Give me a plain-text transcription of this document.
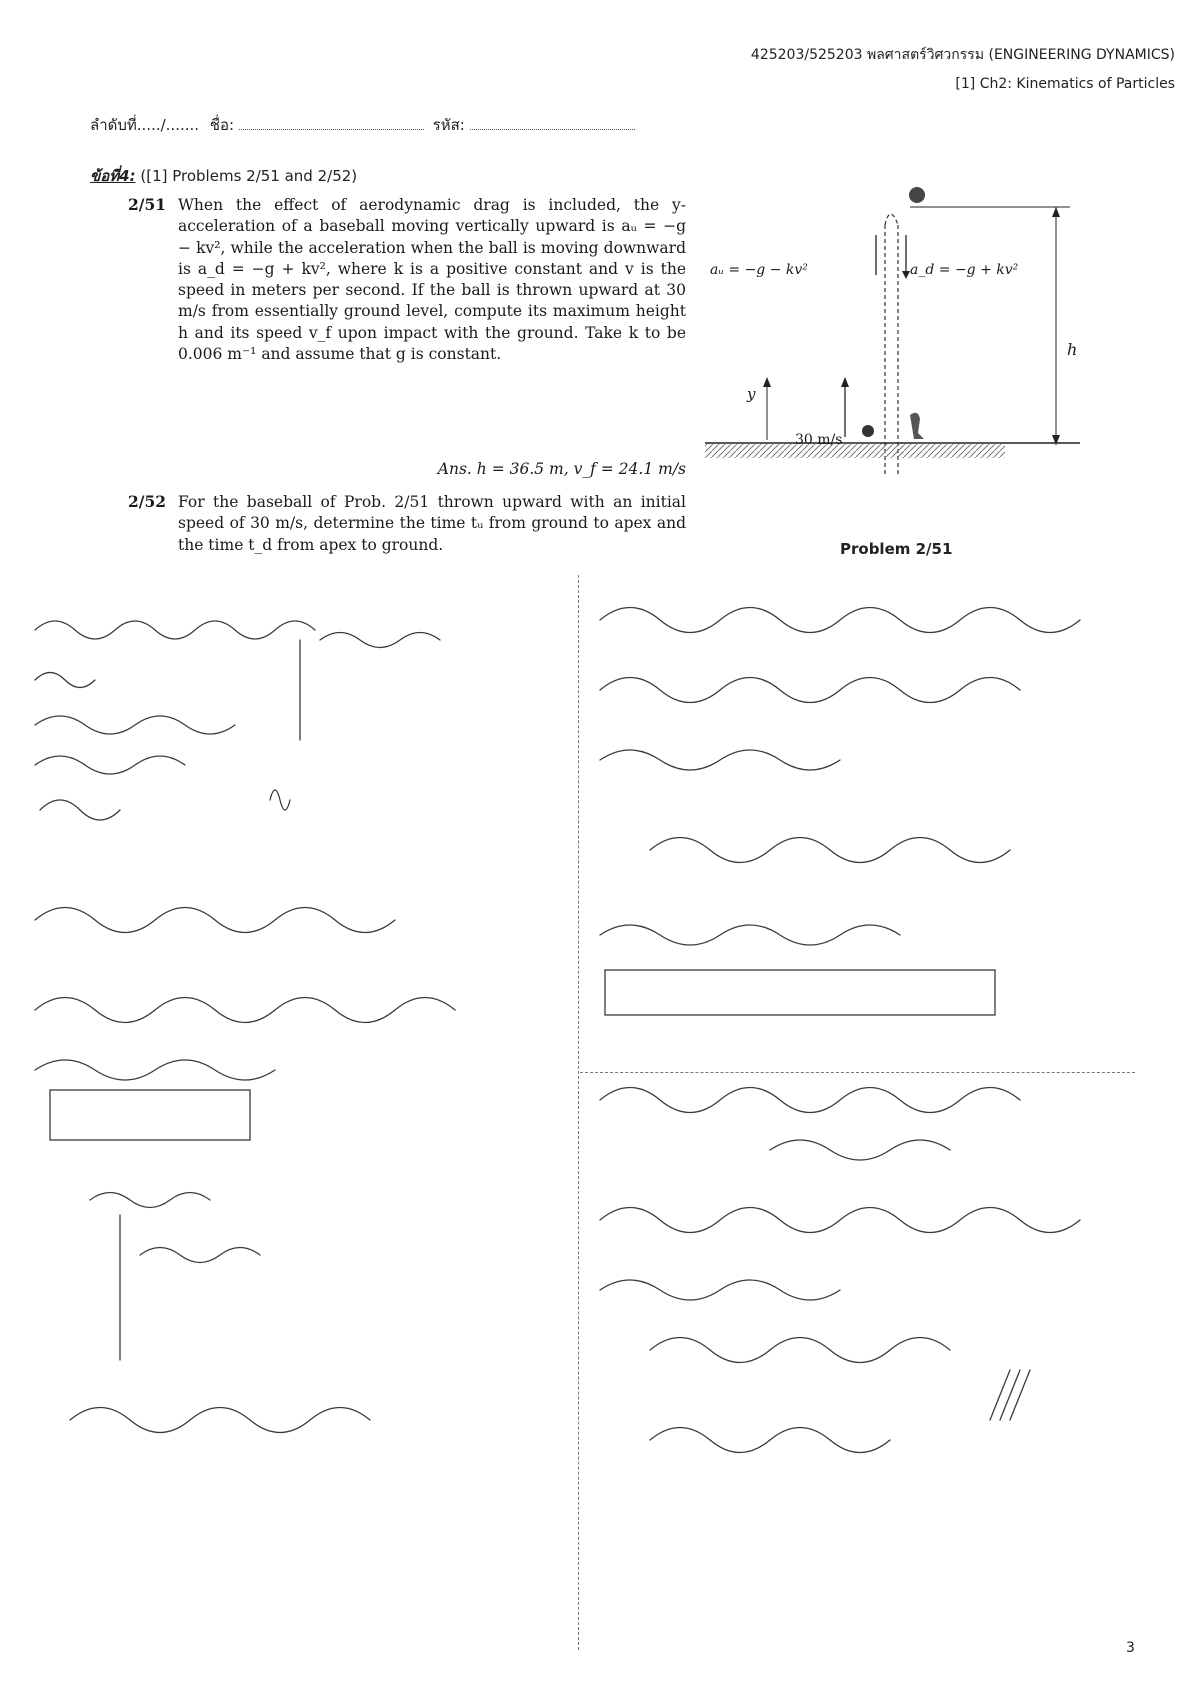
425203/525203 พลศาสตร์วิศวกรรม (ENGINEERING DYNAMICS)
[1] Ch2: Kinematics of Particles
ลำดับที่...../....... ชื่อ:	รหัส:
ข้อที่4: ([1] Problems 2/51 and 2/52)
2/51 When the effect of aerodynamic drag is included, the y-acceleration of a baseball moving vertically upward is aᵤ = −g − kv², while the acceleration when the ball is moving downward is a_d = −g + kv², where k is a positive constant and v is the speed in meters per second. If the ball is thrown upward at 30 m/s from essentially ground level, compute its maximum height h and its speed v_f upon impact with the ground. Take k to be 0.006 m⁻¹ and assume that g is constant.
Ans. h = 36.5 m, v_f = 24.1 m/s
2/52 For the baseball of Prob. 2/51 thrown upward with an initial speed of 30 m/s, determine the time tᵤ from ground to apex and the time t_d from apex to ground.
aᵤ = −g − kv²	a_d = −g + kv²
h
y
30 m/s
Problem 2/51
3
